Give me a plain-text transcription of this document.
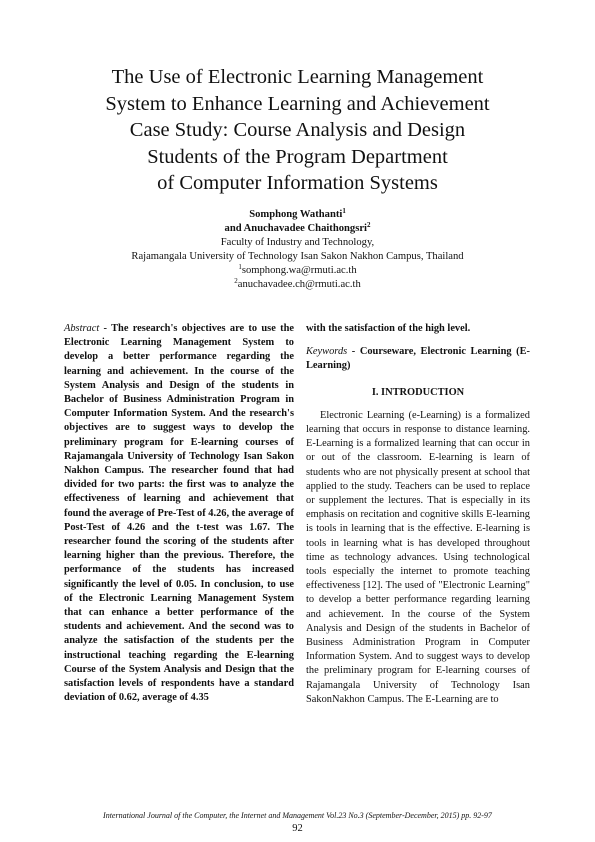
The Use of Electronic Learning Management
System to Enhance Learning and Achievement
Case Study: Course Analysis and Design
Students of the Program Department
of Computer Information Systems
Somphong Wathanti$^1$
and Anuchavadee Chaithongsri$^2$
Faculty of Industry and Technology,
Rajamangala University of Technology Isan Sakon Nakhon Campus, Thailand
$^1$somphong.wa@rmuti.ac.th
$^2$anuchavadee.ch@rmuti.ac.th

Abstract - The research's objectives are to use the Electronic Learning Management System to develop a better performance regarding the learning and achievement. In the course of the System Analysis and Design of the students in Bachelor of Business Administration Program in Computer Information System. And the research's objectives are to suggest ways to develop the preliminary program for E-learning courses of Rajamangala University of Technology Isan Sakon Nakhon Campus. The researcher found that had divided for two parts: the first was to analyze the effectiveness of learning and achievement that found the average of Pre-Test of 4.26, the average of Post-Test of 4.26 and the t-test was 1.67. The researcher found the scoring of the students after learning higher than the previous. Therefore, the performance of the students has increased significantly the level of 0.05. In conclusion, to use of the Electronic Learning Management System that can enhance a better performance of the students and achievement. And the second was to analyze the satisfaction of the students per the instructional teaching regarding the E-learning Course of the System Analysis and Design that the satisfaction levels of respondents have a standard deviation of 0.62, average of 4.35

with the satisfaction of the high level.

Keywords - Courseware, Electronic Learning (E-Learning)

I. INTRODUCTION

Electronic Learning (e-Learning) is a formalized learning that occurs in response to distance learning. E-Learning is a formalized learning that can occur in or out of the classroom. E-learning is learn of students who are not physically present at school that applied to the study. Teachers can be used to replace or supplement the lectures. That is especially in its emphasis on recitation and cognitive skills E-learning is tools in learning that is the effective. E-learning is tools in learning what is has developed throughout time as technology advances. Using technological tools especially the internet to promote teaching effectiveness [12]. The used of "Electronic Learning" to develop a better performance regarding learning and achievement. In the course of the System Analysis and Design of the students in Bachelor of Business Administration Program in Computer Information System. And to suggest ways to develop the preliminary program for E-learning courses of Rajamangala University of Technology Isan SakonNakhon Campus. The E-Learning are to

International Journal of the Computer, the Internet and Management Vol.23 No.3 (September-December, 2015) pp. 92-97
92
